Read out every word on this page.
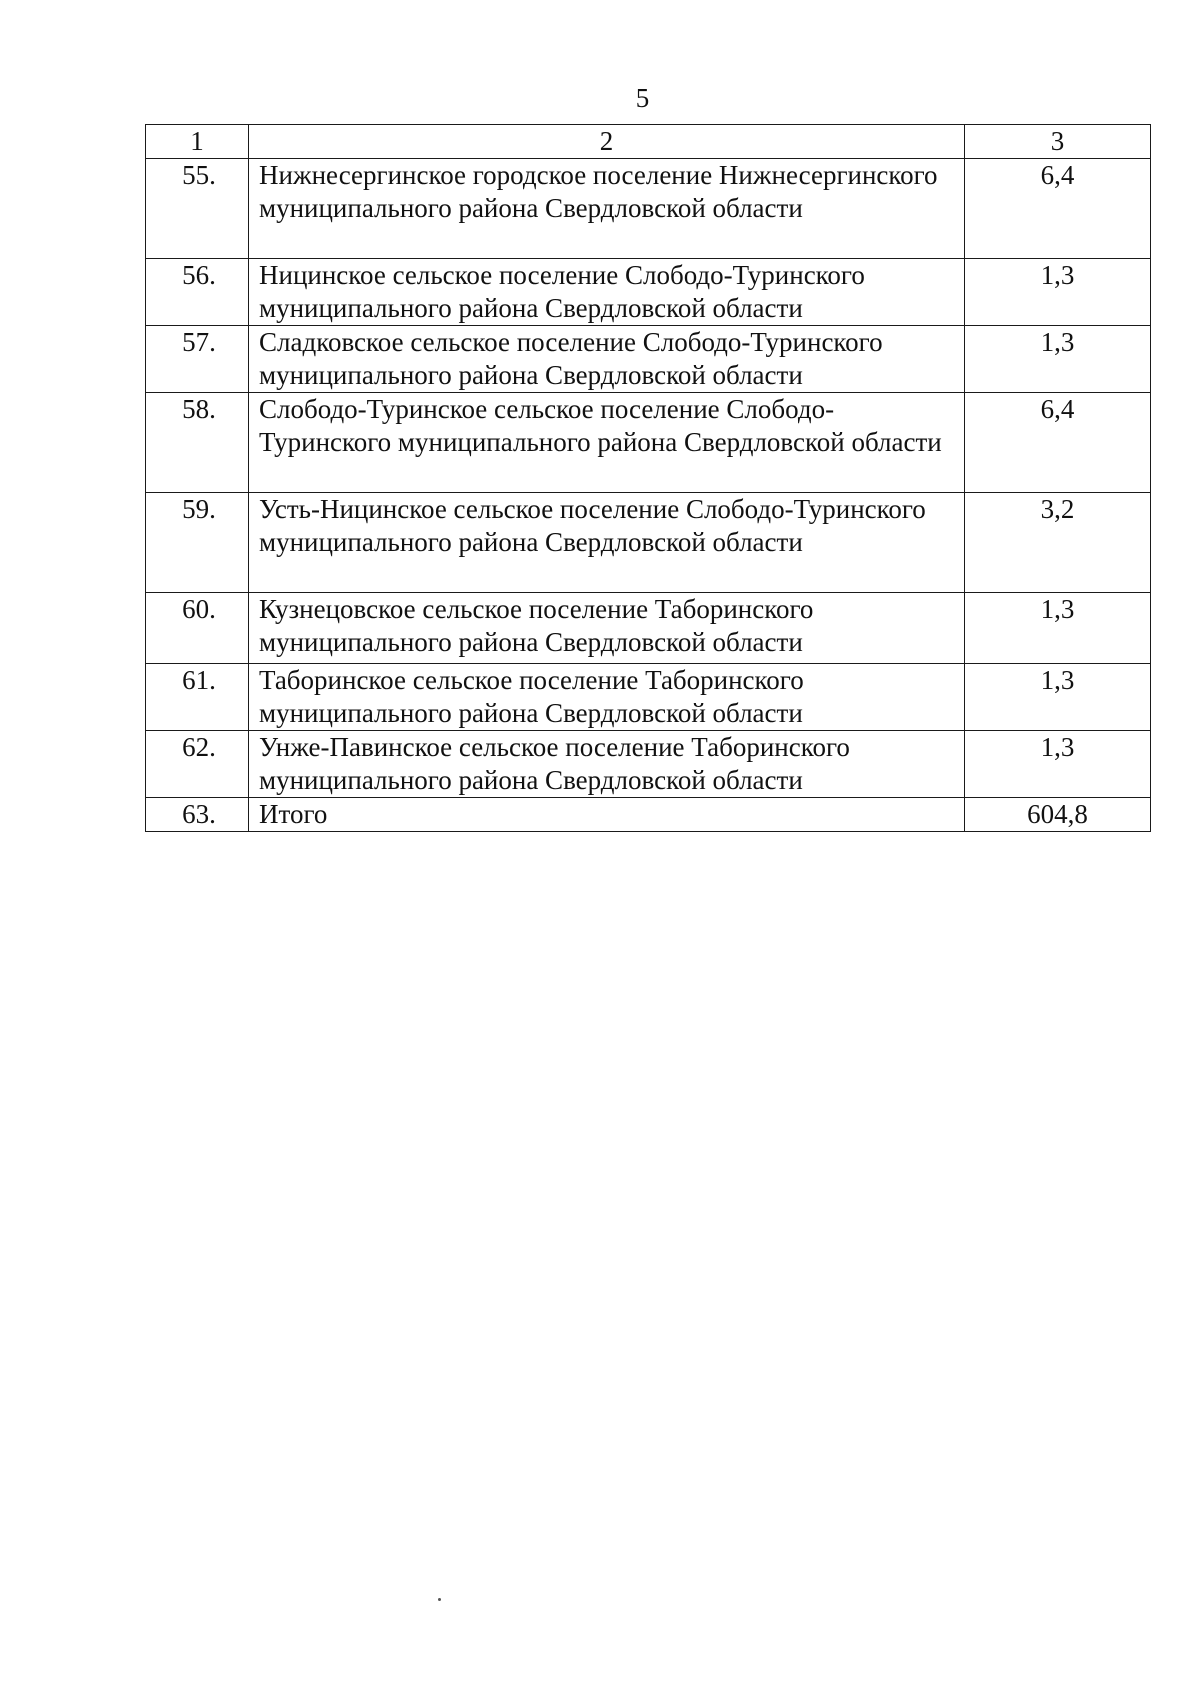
5
1	2	3
55.	Нижнесергинское городское поселение Нижнесергинского муниципального района Свердловской области	6,4
56.	Ницинское сельское поселение Слободо-Туринского муниципального района Свердловской области	1,3
57.	Сладковское сельское поселение Слободо-Туринского муниципального района Свердловской области	1,3
58.	Слободо-Туринское сельское поселение Слободо-Туринского муниципального района Свердловской области	6,4
59.	Усть-Ницинское сельское поселение Слободо-Туринского муниципального района Свердловской области	3,2
60.	Кузнецовское сельское поселение Таборинского муниципального района Свердловской области	1,3
61.	Таборинское сельское поселение Таборинского муниципального района Свердловской области	1,3
62.	Унже-Павинское сельское поселение Таборинского муниципального района Свердловской области	1,3
63.	Итого	604,8
